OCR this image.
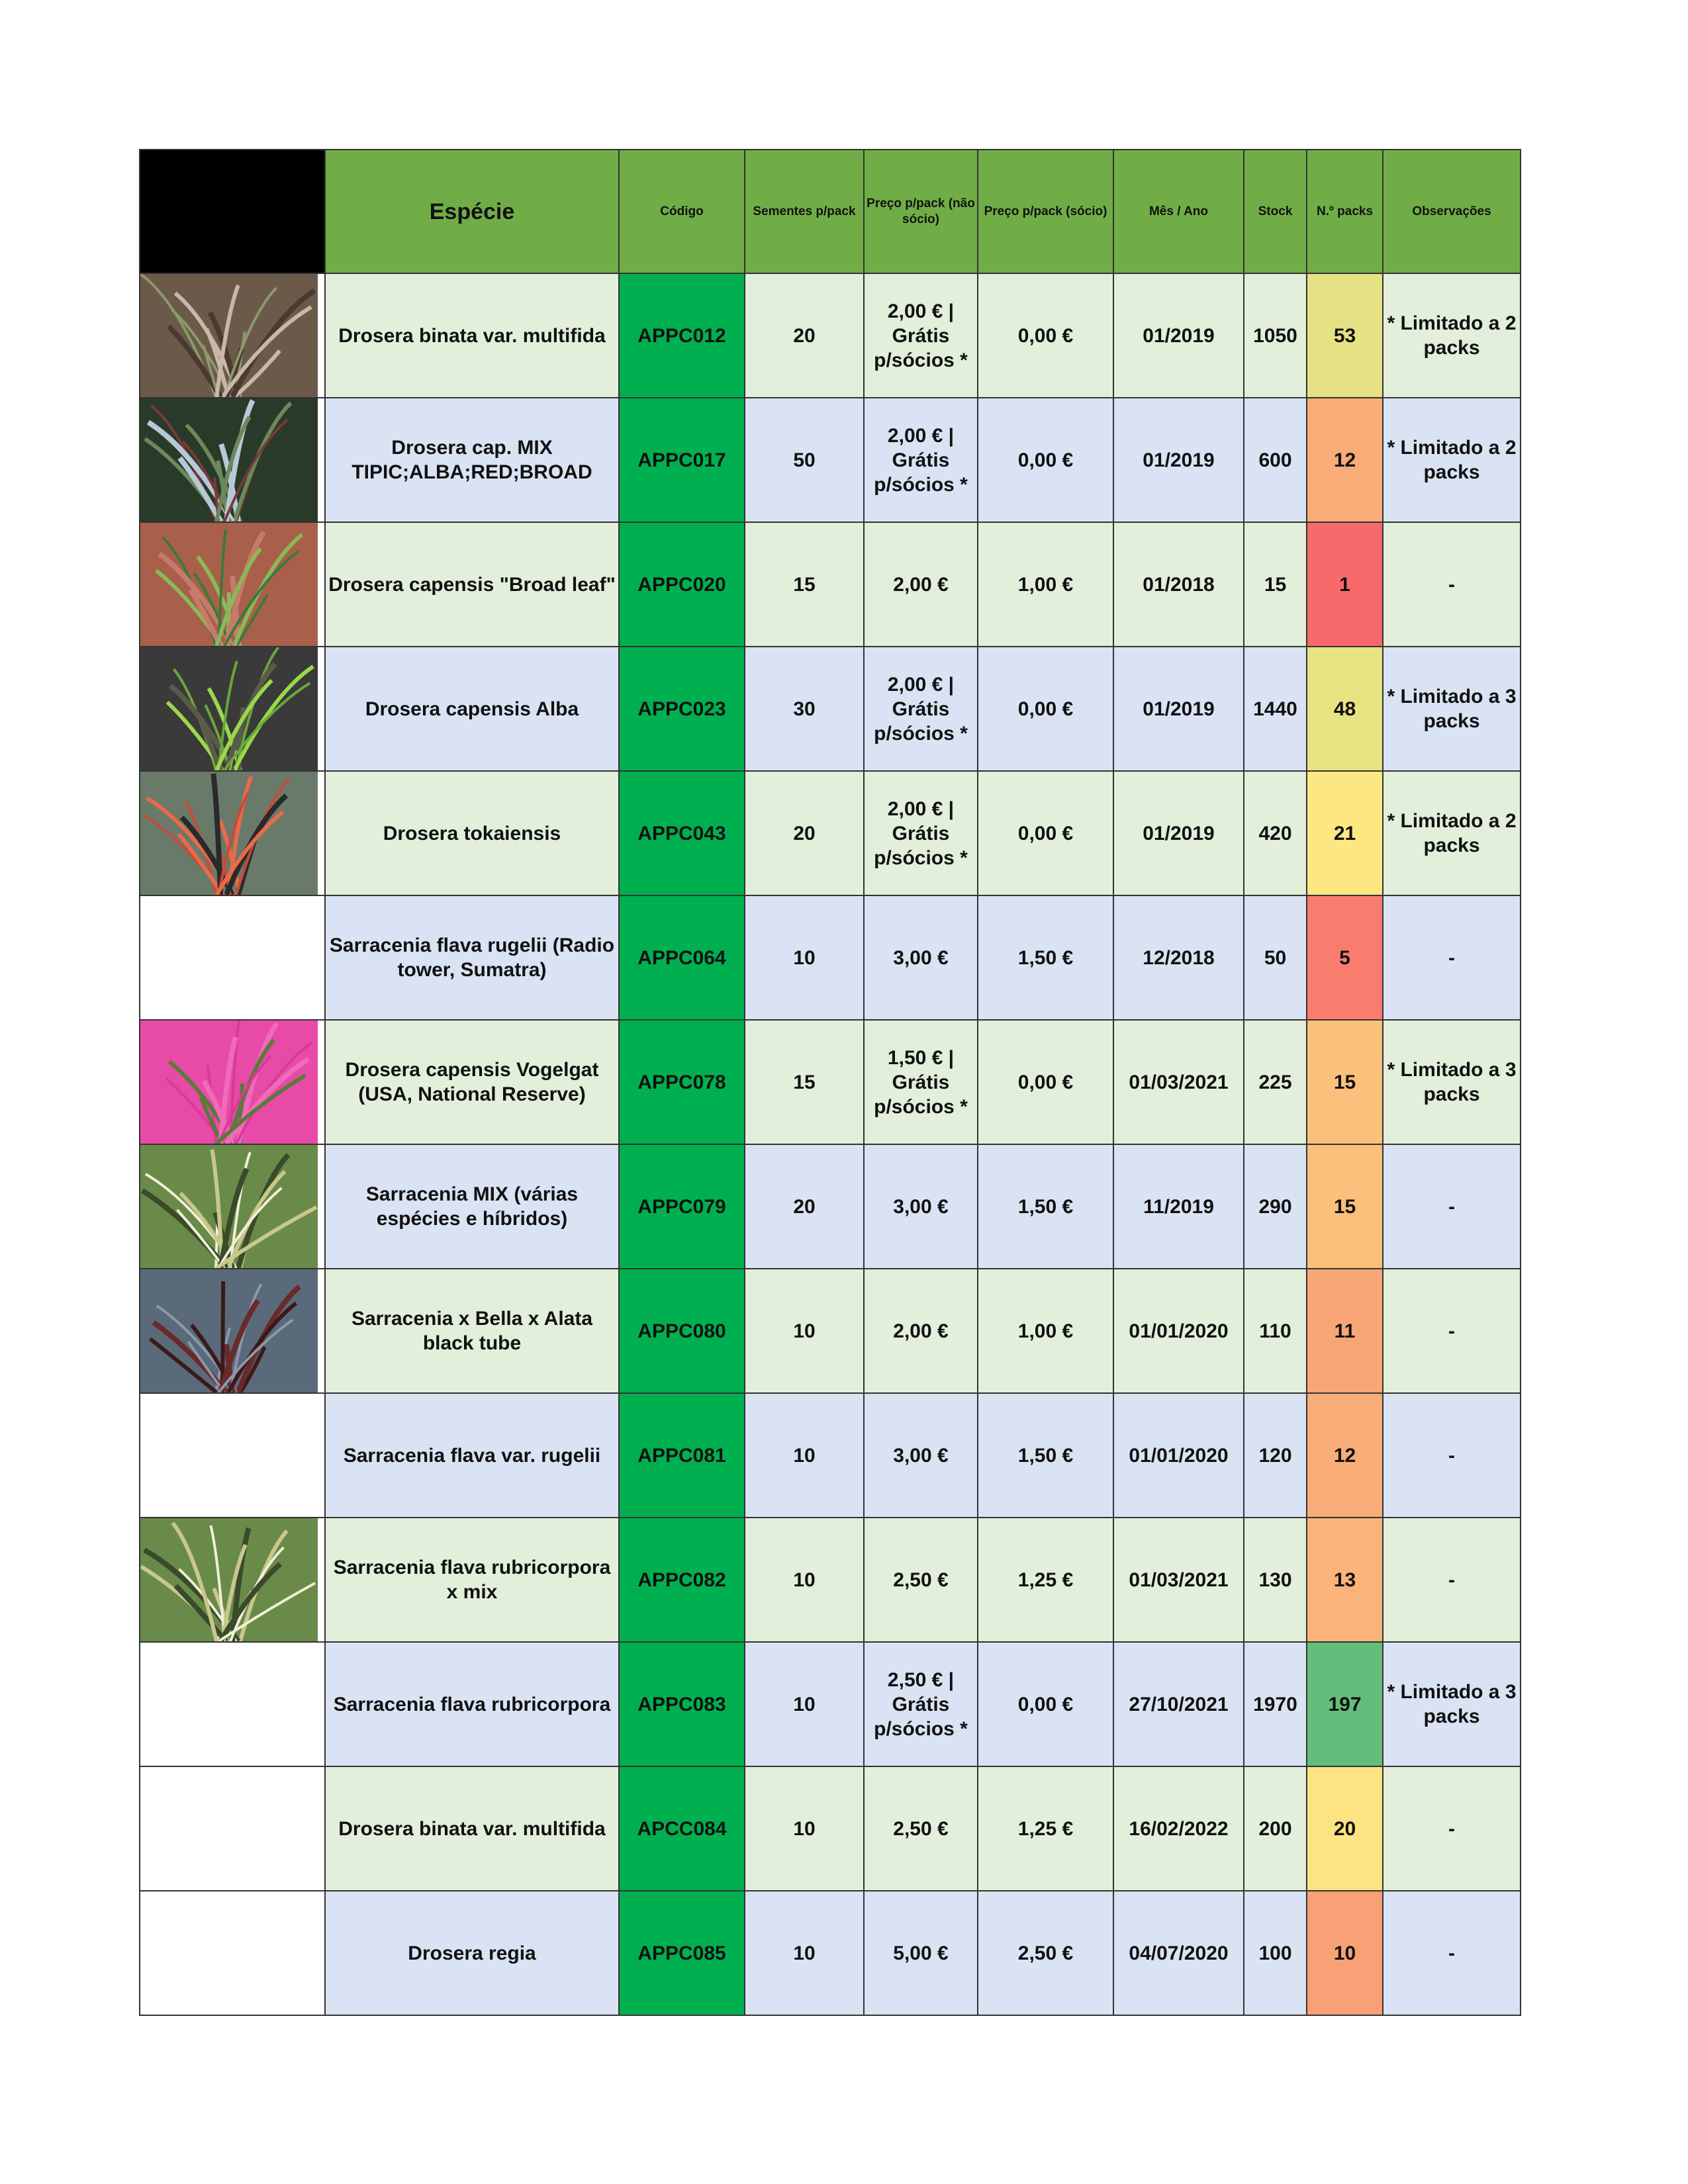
	Espécie	Código	Sementes p/pack	Preço p/pack (não sócio)	Preço p/pack (sócio)	Mês / Ano	Stock	N.º packs	Observações

	Drosera binata var. multifida	APPC012	20	2,00 € | Grátis p/sócios *	0,00 €	01/2019	1050	53	* Limitado a 2 packs

	Drosera cap. MIX TIPIC;ALBA;RED;BROAD	APPC017	50	2,00 € | Grátis p/sócios *	0,00 €	01/2019	600	12	* Limitado a 2 packs

	Drosera capensis "Broad leaf"	APPC020	15	2,00 €	1,00 €	01/2018	15	1	-

	Drosera capensis Alba	APPC023	30	2,00 € | Grátis p/sócios *	0,00 €	01/2019	1440	48	* Limitado a 3 packs

	Drosera tokaiensis	APPC043	20	2,00 € | Grátis p/sócios *	0,00 €	01/2019	420	21	* Limitado a 2 packs
	Sarracenia flava rugelii (Radio tower, Sumatra)	APPC064	10	3,00 €	1,50 €	12/2018	50	5	-

	Drosera capensis Vogelgat (USA, National Reserve)	APPC078	15	1,50 € | Grátis p/sócios *	0,00 €	01/03/2021	225	15	* Limitado a 3 packs

	Sarracenia MIX (várias espécies e híbridos)	APPC079	20	3,00 €	1,50 €	11/2019	290	15	-

	Sarracenia x Bella x Alata black tube	APPC080	10	2,00 €	1,00 €	01/01/2020	110	11	-
	Sarracenia flava var. rugelii	APPC081	10	3,00 €	1,50 €	01/01/2020	120	12	-

	Sarracenia flava rubricorpora x mix	APPC082	10	2,50 €	1,25 €	01/03/2021	130	13	-
	Sarracenia flava rubricorpora	APPC083	10	2,50 € | Grátis p/sócios *	0,00 €	27/10/2021	1970	197	* Limitado a 3 packs
	Drosera binata var. multifida	APCC084	10	2,50 €	1,25 €	16/02/2022	200	20	-
	Drosera regia	APPC085	10	5,00 €	2,50 €	04/07/2020	100	10	-
